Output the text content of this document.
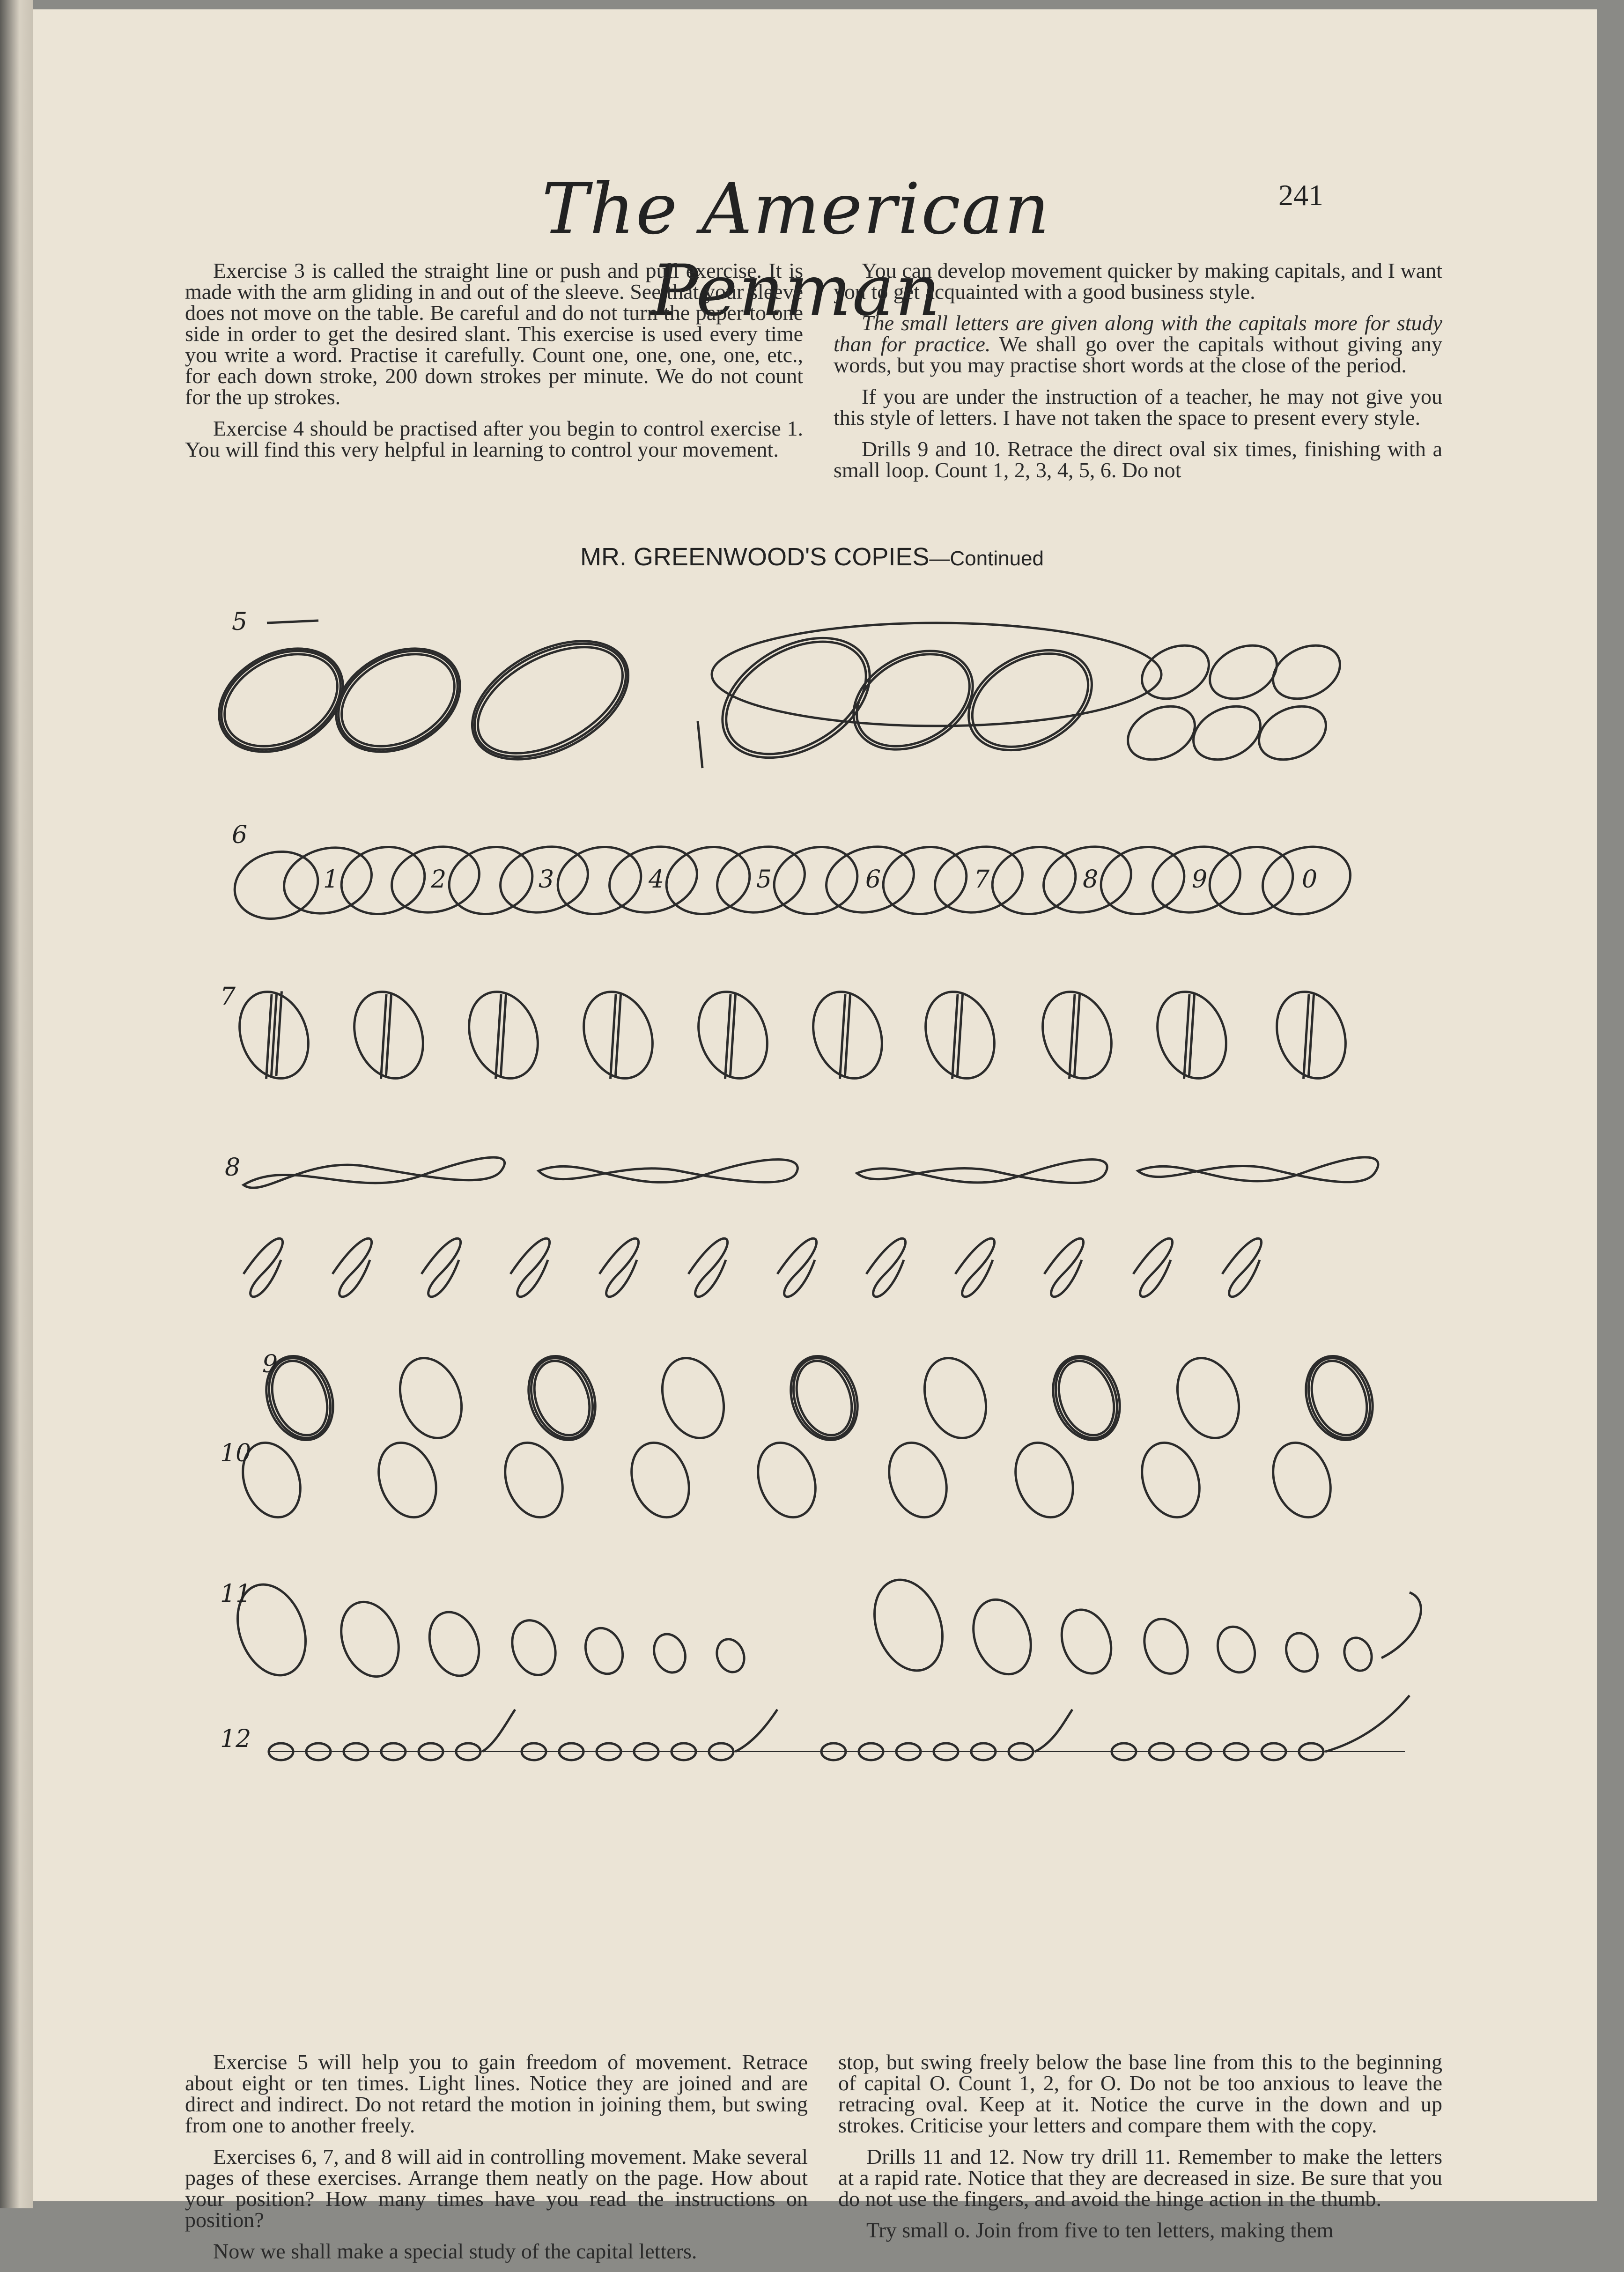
The American Penman
241

Exercise 3 is called the straight line or push and pull exercise. It is made with the arm gliding in and out of the sleeve. See that your sleeve does not move on the table. Be careful and do not turn the paper to one side in order to get the desired slant. This exercise is used every time you write a word. Practise it carefully. Count one, one, one, one, etc., for each down stroke, 200 down strokes per minute. We do not count for the up strokes.

Exercise 4 should be practised after you begin to control exercise 1. You will find this very helpful in learning to control your movement.

You can develop movement quicker by making capitals, and I want you to get acquainted with a good business style.

The small letters are given along with the capitals more for study than for practice. We shall go over the capitals without giving any words, but you may practise short words at the close of the period.

If you are under the instruction of a teacher, he may not give you this style of letters. I have not taken the space to present every style.

Drills 9 and 10. Retrace the direct oval six times, finishing with a small loop. Count 1, 2, 3, 4, 5, 6. Do not

MR. GREENWOOD'S COPIES—Continued
5
6
7
8
9
10
11
12
1	2	3	4	5	6	7	8	9	0

Exercise 5 will help you to gain freedom of movement. Retrace about eight or ten times. Light lines. Notice they are joined and are direct and indirect. Do not retard the motion in joining them, but swing from one to another freely.

Exercises 6, 7, and 8 will aid in controlling movement. Make several pages of these exercises. Arrange them neatly on the page. How about your position? How many times have you read the instructions on position?

Now we shall make a special study of the capital letters.

stop, but swing freely below the base line from this to the beginning of capital O. Count 1, 2, for O. Do not be too anxious to leave the retracing oval. Keep at it. Notice the curve in the down and up strokes. Criticise your letters and compare them with the copy.

Drills 11 and 12. Now try drill 11. Remember to make the letters at a rapid rate. Notice that they are decreased in size. Be sure that you do not use the fingers, and avoid the hinge action in the thumb.

Try small o. Join from five to ten letters, making them
